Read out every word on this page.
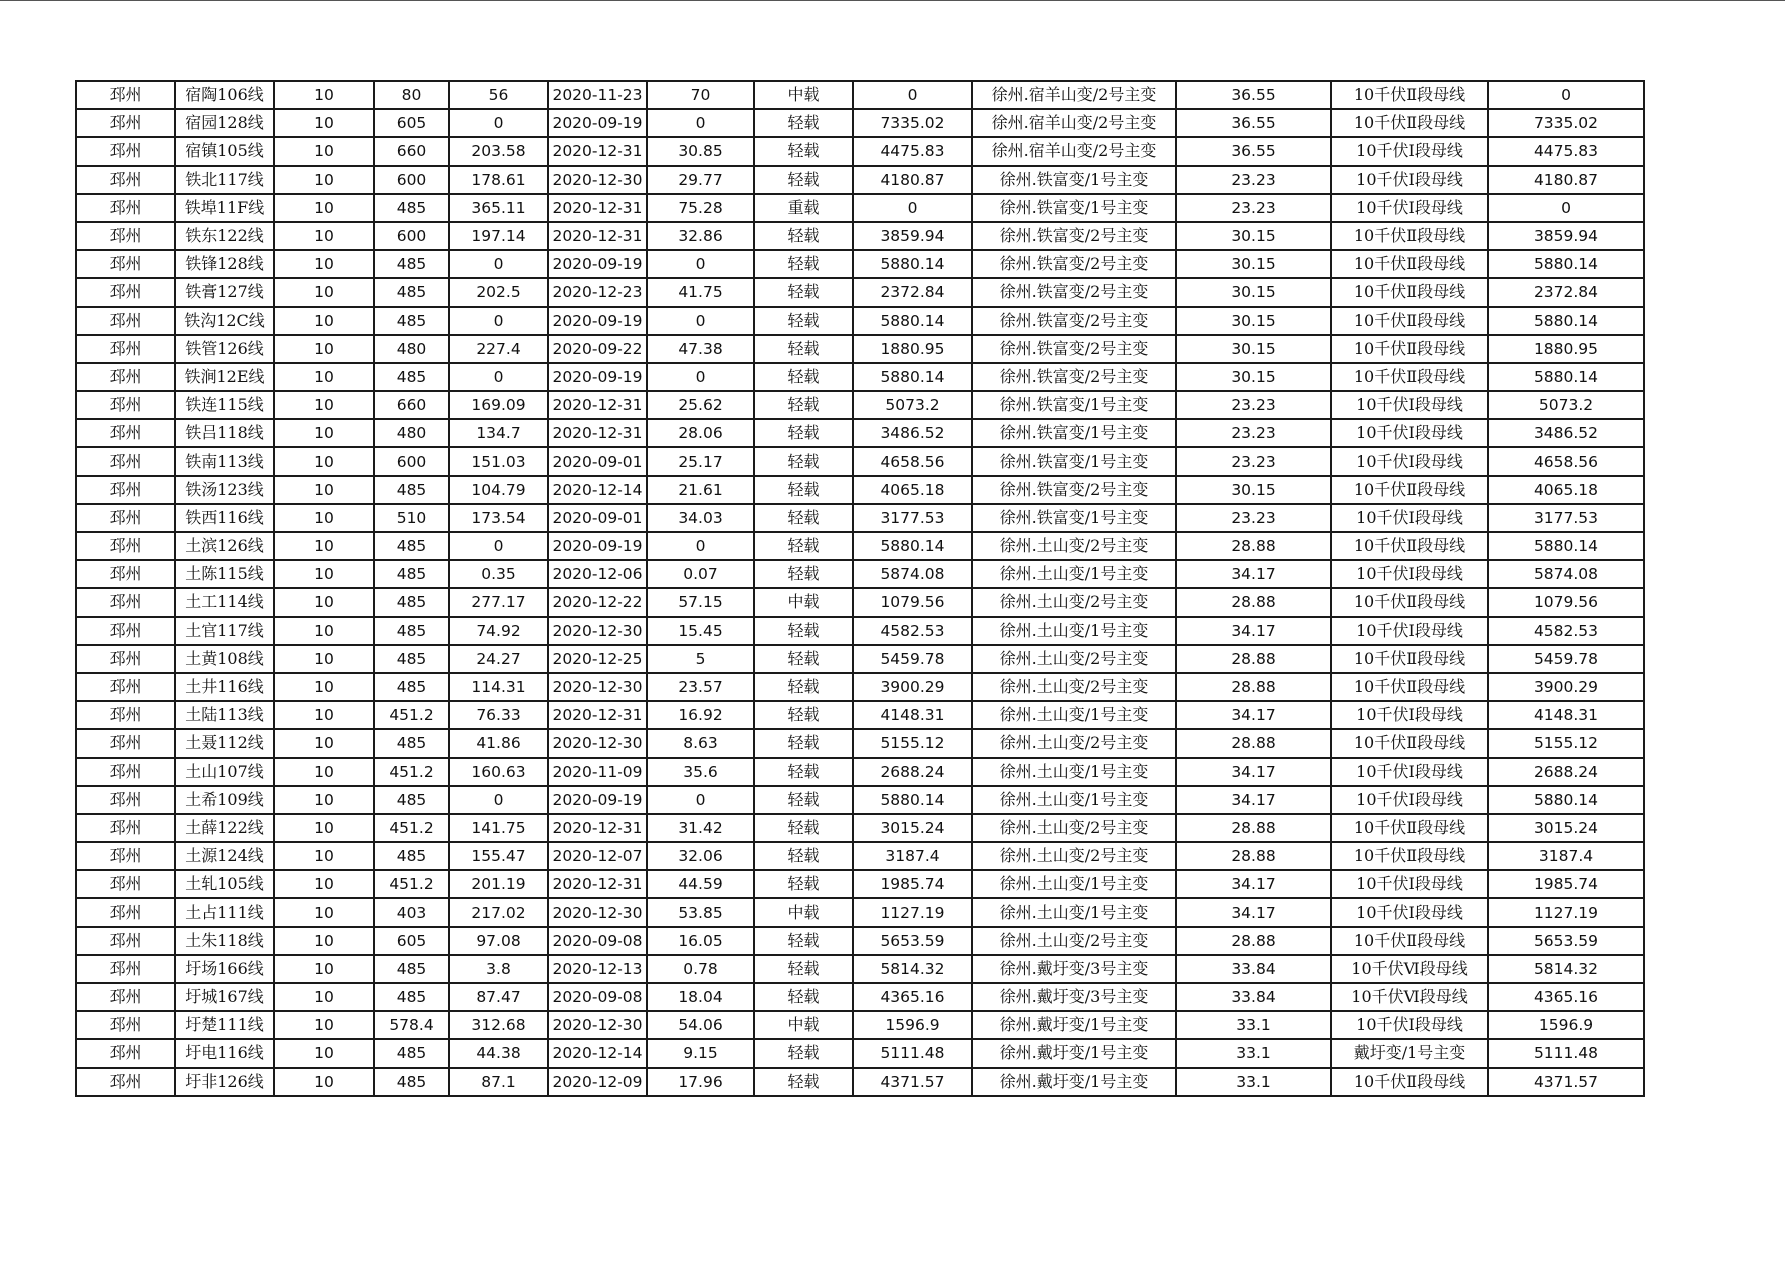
邳州	宿陶106线	10	80	56	2020-11-23	70	中载	0	徐州.宿羊山变/2号主变	36.55	10千伏Ⅱ段母线	0
邳州	宿园128线	10	605	0	2020-09-19	0	轻载	7335.02	徐州.宿羊山变/2号主变	36.55	10千伏Ⅱ段母线	7335.02
邳州	宿镇105线	10	660	203.58	2020-12-31	30.85	轻载	4475.83	徐州.宿羊山变/2号主变	36.55	10千伏Ⅰ段母线	4475.83
邳州	铁北117线	10	600	178.61	2020-12-30	29.77	轻载	4180.87	徐州.铁富变/1号主变	23.23	10千伏Ⅰ段母线	4180.87
邳州	铁埠11F线	10	485	365.11	2020-12-31	75.28	重载	0	徐州.铁富变/1号主变	23.23	10千伏Ⅰ段母线	0
邳州	铁东122线	10	600	197.14	2020-12-31	32.86	轻载	3859.94	徐州.铁富变/2号主变	30.15	10千伏Ⅱ段母线	3859.94
邳州	铁锋128线	10	485	0	2020-09-19	0	轻载	5880.14	徐州.铁富变/2号主变	30.15	10千伏Ⅱ段母线	5880.14
邳州	铁膏127线	10	485	202.5	2020-12-23	41.75	轻载	2372.84	徐州.铁富变/2号主变	30.15	10千伏Ⅱ段母线	2372.84
邳州	铁沟12C线	10	485	0	2020-09-19	0	轻载	5880.14	徐州.铁富变/2号主变	30.15	10千伏Ⅱ段母线	5880.14
邳州	铁管126线	10	480	227.4	2020-09-22	47.38	轻载	1880.95	徐州.铁富变/2号主变	30.15	10千伏Ⅱ段母线	1880.95
邳州	铁涧12E线	10	485	0	2020-09-19	0	轻载	5880.14	徐州.铁富变/2号主变	30.15	10千伏Ⅱ段母线	5880.14
邳州	铁连115线	10	660	169.09	2020-12-31	25.62	轻载	5073.2	徐州.铁富变/1号主变	23.23	10千伏Ⅰ段母线	5073.2
邳州	铁吕118线	10	480	134.7	2020-12-31	28.06	轻载	3486.52	徐州.铁富变/1号主变	23.23	10千伏Ⅰ段母线	3486.52
邳州	铁南113线	10	600	151.03	2020-09-01	25.17	轻载	4658.56	徐州.铁富变/1号主变	23.23	10千伏Ⅰ段母线	4658.56
邳州	铁汤123线	10	485	104.79	2020-12-14	21.61	轻载	4065.18	徐州.铁富变/2号主变	30.15	10千伏Ⅱ段母线	4065.18
邳州	铁西116线	10	510	173.54	2020-09-01	34.03	轻载	3177.53	徐州.铁富变/1号主变	23.23	10千伏Ⅰ段母线	3177.53
邳州	土滨126线	10	485	0	2020-09-19	0	轻载	5880.14	徐州.土山变/2号主变	28.88	10千伏Ⅱ段母线	5880.14
邳州	土陈115线	10	485	0.35	2020-12-06	0.07	轻载	5874.08	徐州.土山变/1号主变	34.17	10千伏Ⅰ段母线	5874.08
邳州	土工114线	10	485	277.17	2020-12-22	57.15	中载	1079.56	徐州.土山变/2号主变	28.88	10千伏Ⅱ段母线	1079.56
邳州	土官117线	10	485	74.92	2020-12-30	15.45	轻载	4582.53	徐州.土山变/1号主变	34.17	10千伏Ⅰ段母线	4582.53
邳州	土黄108线	10	485	24.27	2020-12-25	5	轻载	5459.78	徐州.土山变/2号主变	28.88	10千伏Ⅱ段母线	5459.78
邳州	土井116线	10	485	114.31	2020-12-30	23.57	轻载	3900.29	徐州.土山变/2号主变	28.88	10千伏Ⅱ段母线	3900.29
邳州	土陆113线	10	451.2	76.33	2020-12-31	16.92	轻载	4148.31	徐州.土山变/1号主变	34.17	10千伏Ⅰ段母线	4148.31
邳州	土聂112线	10	485	41.86	2020-12-30	8.63	轻载	5155.12	徐州.土山变/2号主变	28.88	10千伏Ⅱ段母线	5155.12
邳州	土山107线	10	451.2	160.63	2020-11-09	35.6	轻载	2688.24	徐州.土山变/1号主变	34.17	10千伏Ⅰ段母线	2688.24
邳州	土希109线	10	485	0	2020-09-19	0	轻载	5880.14	徐州.土山变/1号主变	34.17	10千伏Ⅰ段母线	5880.14
邳州	土薛122线	10	451.2	141.75	2020-12-31	31.42	轻载	3015.24	徐州.土山变/2号主变	28.88	10千伏Ⅱ段母线	3015.24
邳州	土源124线	10	485	155.47	2020-12-07	32.06	轻载	3187.4	徐州.土山变/2号主变	28.88	10千伏Ⅱ段母线	3187.4
邳州	土轧105线	10	451.2	201.19	2020-12-31	44.59	轻载	1985.74	徐州.土山变/1号主变	34.17	10千伏Ⅰ段母线	1985.74
邳州	土占111线	10	403	217.02	2020-12-30	53.85	中载	1127.19	徐州.土山变/1号主变	34.17	10千伏Ⅰ段母线	1127.19
邳州	土朱118线	10	605	97.08	2020-09-08	16.05	轻载	5653.59	徐州.土山变/2号主变	28.88	10千伏Ⅱ段母线	5653.59
邳州	圩场166线	10	485	3.8	2020-12-13	0.78	轻载	5814.32	徐州.戴圩变/3号主变	33.84	10千伏Ⅵ段母线	5814.32
邳州	圩城167线	10	485	87.47	2020-09-08	18.04	轻载	4365.16	徐州.戴圩变/3号主变	33.84	10千伏Ⅵ段母线	4365.16
邳州	圩楚111线	10	578.4	312.68	2020-12-30	54.06	中载	1596.9	徐州.戴圩变/1号主变	33.1	10千伏Ⅰ段母线	1596.9
邳州	圩电116线	10	485	44.38	2020-12-14	9.15	轻载	5111.48	徐州.戴圩变/1号主变	33.1	戴圩变/1号主变	5111.48
邳州	圩非126线	10	485	87.1	2020-12-09	17.96	轻载	4371.57	徐州.戴圩变/1号主变	33.1	10千伏Ⅱ段母线	4371.57
